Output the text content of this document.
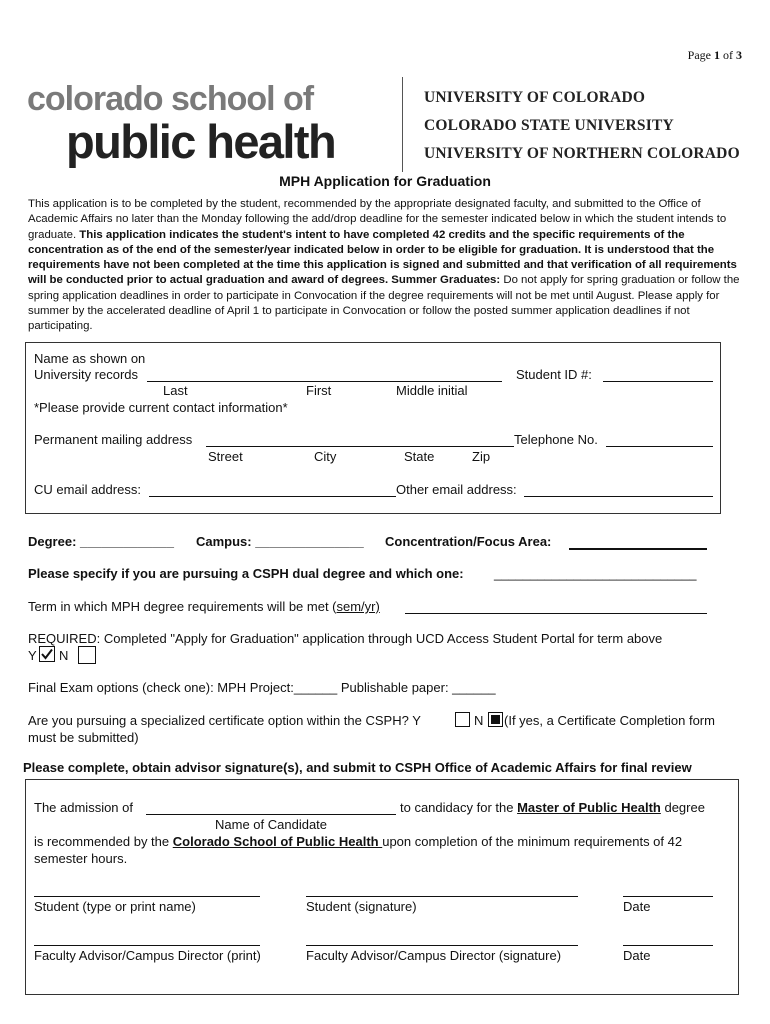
Page 1 of 3
colorado school of
public health
UNIVERSITY OF COLORADO
COLORADO STATE UNIVERSITY
UNIVERSITY OF NORTHERN COLORADO
MPH Application for Graduation
This application is to be completed by the student, recommended by the appropriate designated faculty, and submitted to the Office of Academic Affairs no later than the Monday following the add/drop deadline for the semester indicated below in which the student intends to graduate. This application indicates the student's intent to have completed 42 credits and the specific requirements of the concentration as of the end of the semester/year indicated below in order to be eligible for graduation. It is understood that the requirements have not been completed at the time this application is signed and submitted and that verification of all requirements will be conducted prior to actual graduation and award of degrees. Summer Graduates: Do not apply for spring graduation or follow the spring application deadlines in order to participate in Convocation if the degree requirements will not be met until August. Please apply for summer by the accelerated deadline of April 1 to participate in Convocation or follow the posted summer application deadlines if not participating.
Name as shown on
University records	Student ID #:
Last	First	Middle initial
*Please provide current contact information*
Permanent mailing address	Telephone No.
Street	City	State	Zip
CU email address:	Other email address:
Degree: _____________ Campus: _______________ Concentration/Focus Area:
Please specify if you are pursuing a CSPH dual degree and which one: ____________________________
Term in which MPH degree requirements will be met (sem/yr)
REQUIRED: Completed "Apply for Graduation" application through UCD Access Student Portal for term above
Y N
Final Exam options (check one): MPH Project:______ Publishable paper: ______
Are you pursuing a specialized certificate option within the CSPH? Y	N (If yes, a Certificate Completion form
must be submitted)
Please complete, obtain advisor signature(s), and submit to CSPH Office of Academic Affairs for final review
The admission of	to candidacy for the Master of Public Health degree
Name of Candidate
is recommended by the Colorado School of Public Health upon completion of the minimum requirements of 42
semester hours.
Student (type or print name)	Student (signature)	Date
Faculty Advisor/Campus Director (print)	Faculty Advisor/Campus Director (signature)	Date
